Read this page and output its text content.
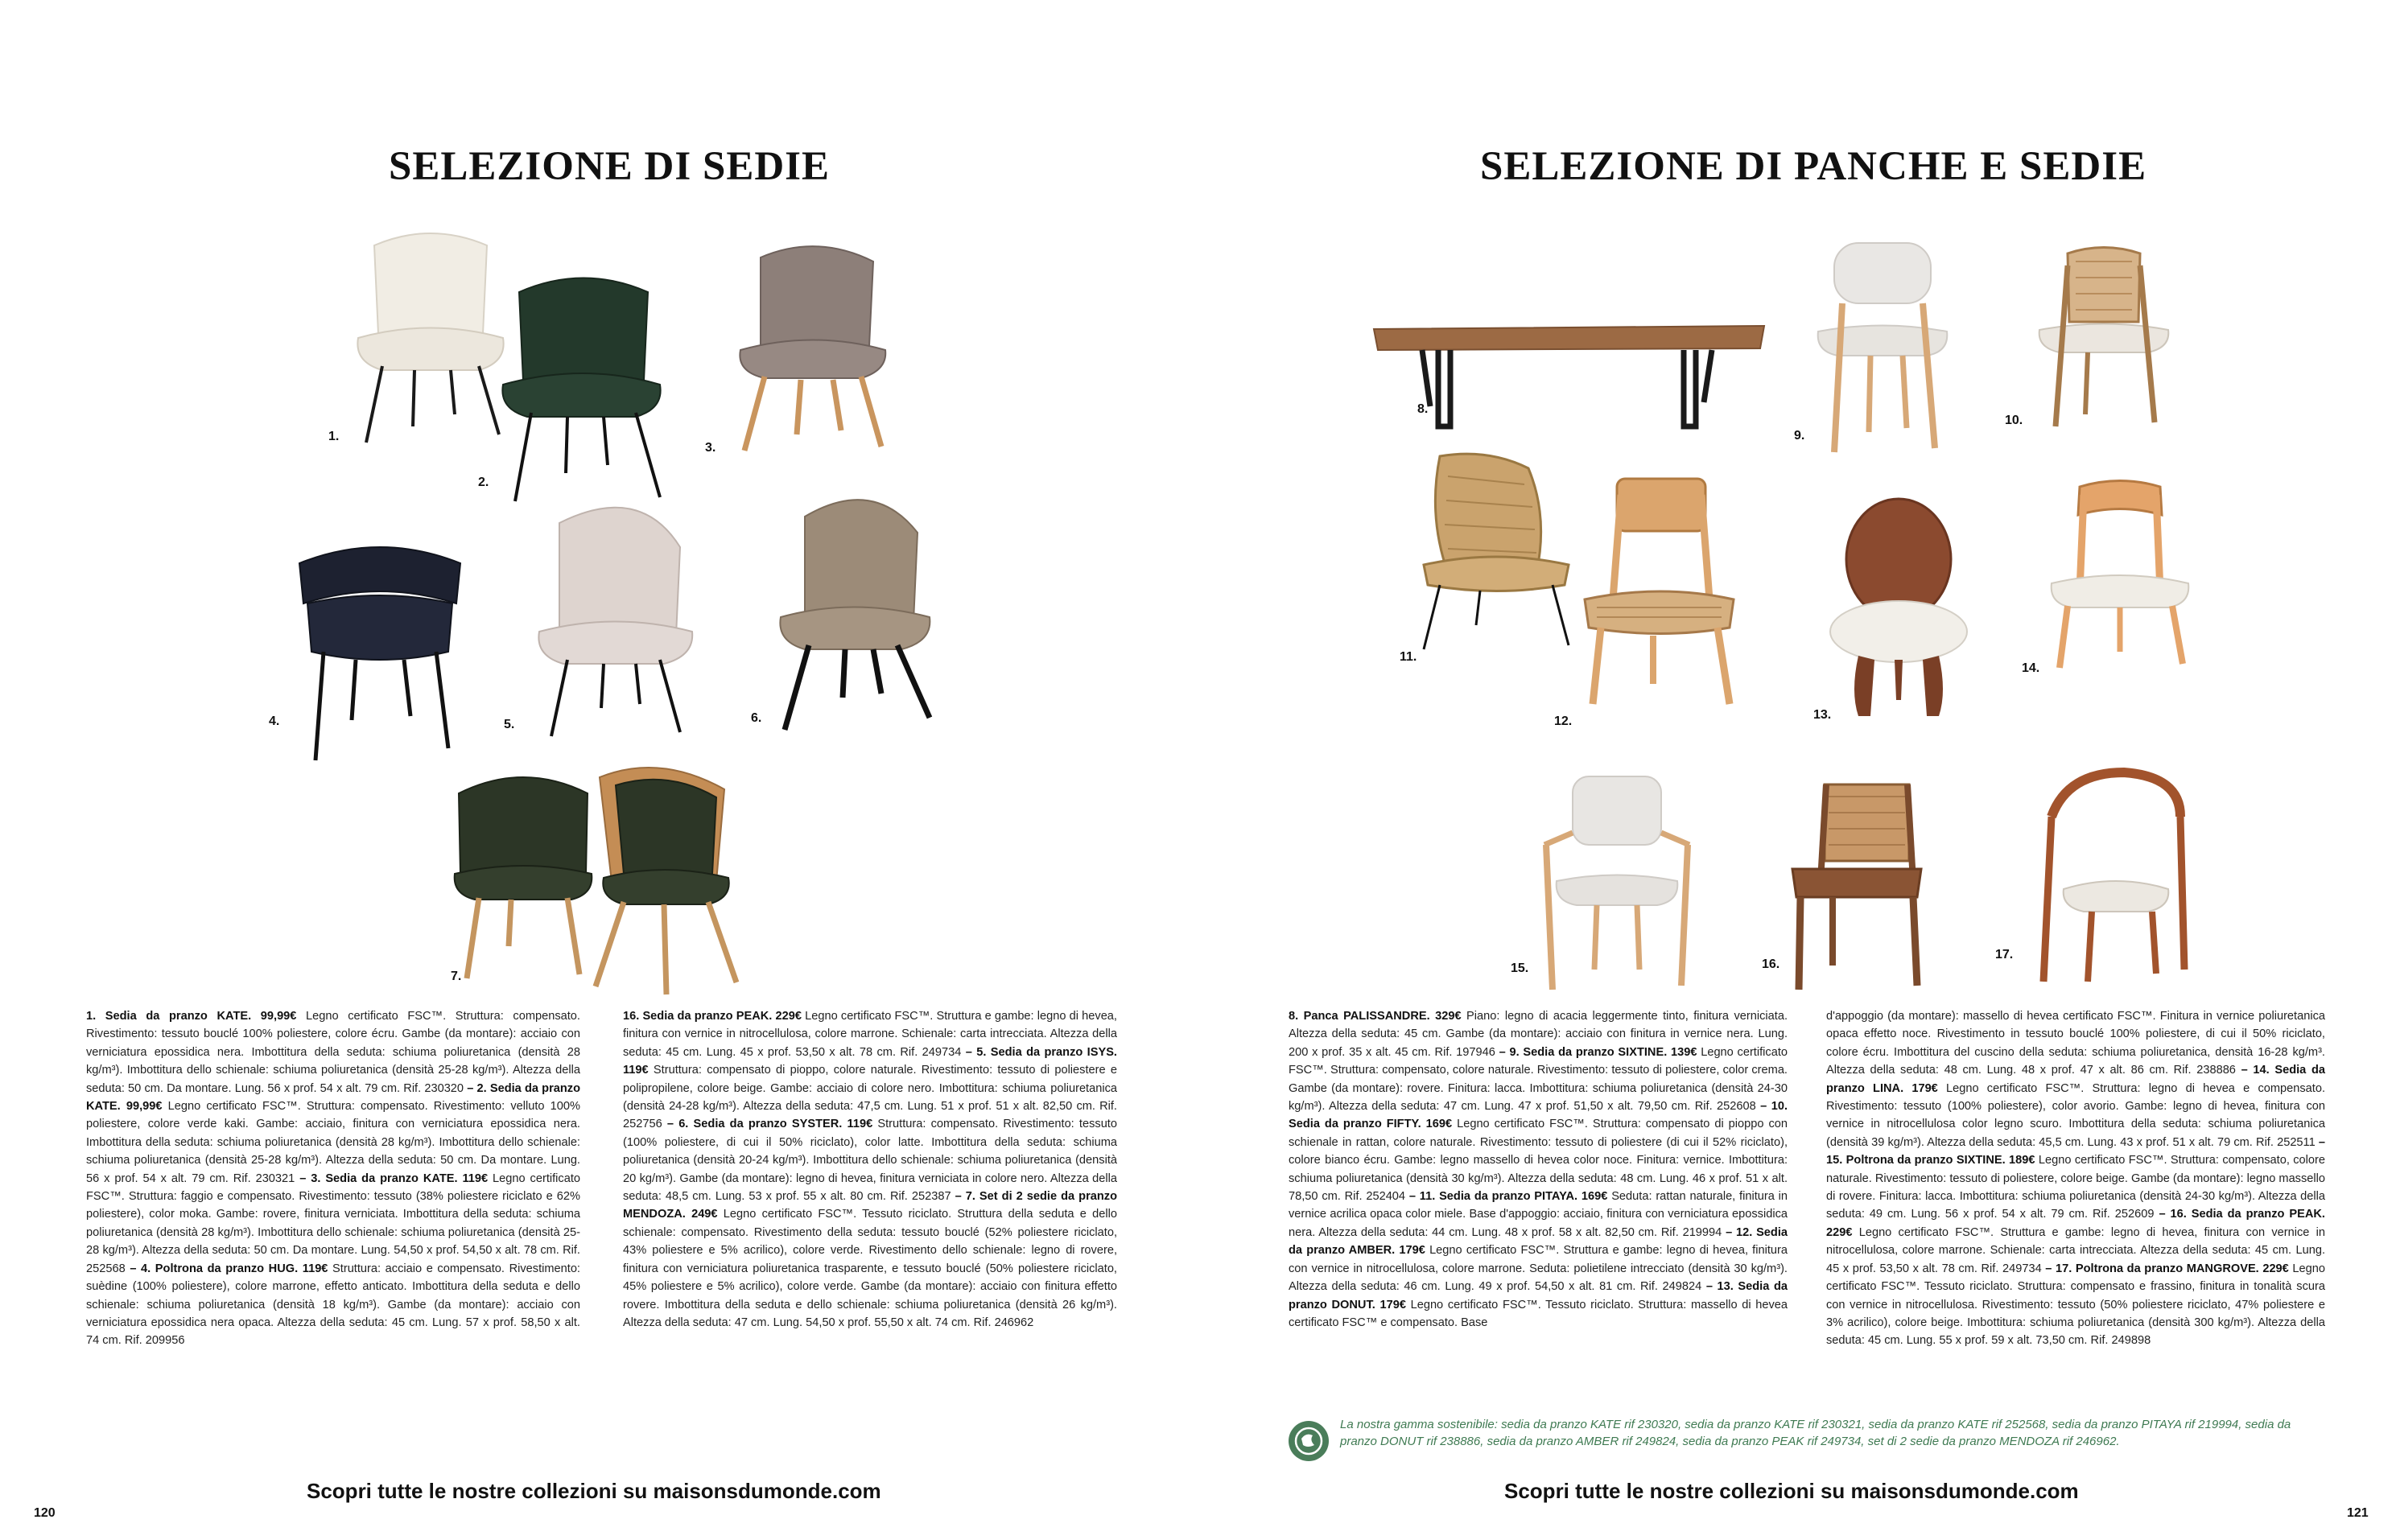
SELEZIONE DI SEDIE
1.
2.
3.
4.	5.	6.
7.
1. Sedia da pranzo KATE. 99,99€ Legno certificato FSC™. Struttura: compensato. Rivestimento: tessuto bouclé 100% poliestere, colore écru. Gambe (da montare): acciaio con verniciatura epossidica nera. Imbottitura della seduta: schiuma poliuretanica (densità 28 kg/m³). Imbottitura dello schienale: schiuma poliuretanica (densità 25-28 kg/m³). Altezza della seduta: 50 cm. Da montare. Lung. 56 x prof. 54 x alt. 79 cm. Rif. 230320 – 2. Sedia da pranzo KATE. 99,99€ Legno certificato FSC™. Struttura: compensato. Rivestimento: velluto 100% poliestere, colore verde kaki. Gambe: acciaio, finitura con verniciatura epossidica nera. Imbottitura della seduta: schiuma poliuretanica (densità 28 kg/m³). Imbottitura dello schienale: schiuma poliuretanica (densità 25-28 kg/m³). Altezza della seduta: 50 cm. Da montare. Lung. 56 x prof. 54 x alt. 79 cm. Rif. 230321 – 3. Sedia da pranzo KATE. 119€ Legno certificato FSC™. Struttura: faggio e compensato. Rivestimento: tessuto (38% poliestere riciclato e 62% poliestere), color moka. Gambe: rovere, finitura verniciata. Imbottitura della seduta: schiuma poliuretanica (densità 28 kg/m³). Imbottitura dello schienale: schiuma poliuretanica (densità 25-28 kg/m³). Altezza della seduta: 50 cm. Da montare. Lung. 54,50 x prof. 54,50 x alt. 78 cm. Rif. 252568 – 4. Poltrona da pranzo HUG. 119€ Struttura: acciaio e compensato. Rivestimento: suèdine (100% poliestere), colore marrone, effetto anticato. Imbottitura della seduta e dello schienale: schiuma poliuretanica (densità 18 kg/m³). Gambe (da montare): acciaio con verniciatura epossidica nera opaca. Altezza della seduta: 45 cm. Lung. 57 x prof. 58,50 x alt. 74 cm. Rif. 209956
16. Sedia da pranzo PEAK. 229€ Legno certificato FSC™. Struttura e gambe: legno di hevea, finitura con vernice in nitrocellulosa, colore marrone. Schienale: carta intrecciata. Altezza della seduta: 45 cm. Lung. 45 x prof. 53,50 x alt. 78 cm. Rif. 249734 – 5. Sedia da pranzo ISYS. 119€ Struttura: compensato di pioppo, colore naturale. Rivestimento: tessuto di poliestere e polipropilene, colore beige. Gambe: acciaio di colore nero. Imbottitura: schiuma poliuretanica (densità 24-28 kg/m³). Altezza della seduta: 47,5 cm. Lung. 51 x prof. 51 x alt. 82,50 cm. Rif. 252756 – 6. Sedia da pranzo SYSTER. 119€ Struttura: compensato. Rivestimento: tessuto (100% poliestere, di cui il 50% riciclato), color latte. Imbottitura della seduta: schiuma poliuretanica (densità 20-24 kg/m³). Imbottitura dello schienale: schiuma poliuretanica (densità 20 kg/m³). Gambe (da montare): legno di hevea, finitura verniciata in colore nero. Altezza della seduta: 48,5 cm. Lung. 53 x prof. 55 x alt. 80 cm. Rif. 252387 – 7. Set di 2 sedie da pranzo MENDOZA. 249€ Legno certificato FSC™. Tessuto riciclato. Struttura della seduta e dello schienale: compensato. Rivestimento della seduta: tessuto bouclé (52% poliestere riciclato, 43% poliestere e 5% acrilico), colore verde. Rivestimento dello schienale: legno di rovere, finitura con verniciatura poliuretanica trasparente, e tessuto bouclé (50% poliestere riciclato, 45% poliestere e 5% acrilico), colore verde. Gambe (da montare): acciaio con finitura effetto rovere. Imbottitura della seduta e dello schienale: schiuma poliuretanica (densità 26 kg/m³). Altezza della seduta: 47 cm. Lung. 54,50 x prof. 55,50 x alt. 74 cm. Rif. 246962
Scopri tutte le nostre collezioni su maisonsdumonde.com
120
SELEZIONE DI PANCHE E SEDIE
8.
9.
10.
11.
12.	13.
14.
15.	16.
17.
8. Panca PALISSANDRE. 329€ Piano: legno di acacia leggermente tinto, finitura verniciata. Altezza della seduta: 45 cm. Gambe (da montare): acciaio con finitura in vernice nera. Lung. 200 x prof. 35 x alt. 45 cm. Rif. 197946 – 9. Sedia da pranzo SIXTINE. 139€ Legno certificato FSC™. Struttura: compensato, colore naturale. Rivestimento: tessuto di poliestere, color crema. Gambe (da montare): rovere. Finitura: lacca. Imbottitura: schiuma poliuretanica (densità 24-30 kg/m³). Altezza della seduta: 47 cm. Lung. 47 x prof. 51,50 x alt. 79,50 cm. Rif. 252608 – 10. Sedia da pranzo FIFTY. 169€ Legno certificato FSC™. Struttura: compensato di pioppo con schienale in rattan, colore naturale. Rivestimento: tessuto di poliestere (di cui il 52% riciclato), colore bianco écru. Gambe: legno massello di hevea color noce. Finitura: vernice. Imbottitura: schiuma poliuretanica (densità 30 kg/m³). Altezza della seduta: 48 cm. Lung. 46 x prof. 51 x alt. 78,50 cm. Rif. 252404 – 11. Sedia da pranzo PITAYA. 169€ Seduta: rattan naturale, finitura in vernice acrilica opaca color miele. Base d'appoggio: acciaio, finitura con verniciatura epossidica nera. Altezza della seduta: 44 cm. Lung. 48 x prof. 58 x alt. 82,50 cm. Rif. 219994 – 12. Sedia da pranzo AMBER. 179€ Legno certificato FSC™. Struttura e gambe: legno di hevea, finitura con vernice in nitrocellulosa, colore marrone. Seduta: polietilene intrecciato (densità 30 kg/m³). Altezza della seduta: 46 cm. Lung. 49 x prof. 54,50 x alt. 81 cm. Rif. 249824 – 13. Sedia da pranzo DONUT. 179€ Legno certificato FSC™. Tessuto riciclato. Struttura: massello di hevea certificato FSC™ e compensato. Base
d'appoggio (da montare): massello di hevea certificato FSC™. Finitura in vernice poliuretanica opaca effetto noce. Rivestimento in tessuto bouclé 100% poliestere, di cui il 50% riciclato, colore écru. Imbottitura del cuscino della seduta: schiuma poliuretanica, densità 16-28 kg/m³. Altezza della seduta: 48 cm. Lung. 48 x prof. 47 x alt. 86 cm. Rif. 238886 – 14. Sedia da pranzo LINA. 179€ Legno certificato FSC™. Struttura: legno di hevea e compensato. Rivestimento: tessuto (100% poliestere), color avorio. Gambe: legno di hevea, finitura con vernice in nitrocellulosa color legno scuro. Imbottitura della seduta: schiuma poliuretanica (densità 39 kg/m³). Altezza della seduta: 45,5 cm. Lung. 43 x prof. 51 x alt. 79 cm. Rif. 252511 – 15. Poltrona da pranzo SIXTINE. 189€ Legno certificato FSC™. Struttura: compensato, colore naturale. Rivestimento: tessuto di poliestere, colore beige. Gambe (da montare): legno massello di rovere. Finitura: lacca. Imbottitura: schiuma poliuretanica (densità 24-30 kg/m³). Altezza della seduta: 49 cm. Lung. 56 x prof. 54 x alt. 79 cm. Rif. 252609 – 16. Sedia da pranzo PEAK. 229€ Legno certificato FSC™. Struttura e gambe: legno di hevea, finitura con vernice in nitrocellulosa, colore marrone. Schienale: carta intrecciata. Altezza della seduta: 45 cm. Lung. 45 x prof. 53,50 x alt. 78 cm. Rif. 249734 – 17. Poltrona da pranzo MANGROVE. 229€ Legno certificato FSC™. Tessuto riciclato. Struttura: compensato e frassino, finitura in tonalità scura con vernice in nitrocellulosa. Rivestimento: tessuto (50% poliestere riciclato, 47% poliestere e 3% acrilico), colore beige. Imbottitura: schiuma poliuretanica (densità 300 kg/m³). Altezza della seduta: 45 cm. Lung. 55 x prof. 59 x alt. 73,50 cm. Rif. 249898
La nostra gamma sostenibile: sedia da pranzo KATE rif 230320, sedia da pranzo KATE rif 230321, sedia da pranzo KATE rif 252568, sedia da pranzo PITAYA rif 219994, sedia da pranzo DONUT rif 238886, sedia da pranzo AMBER rif 249824, sedia da pranzo PEAK rif 249734, set di 2 sedie da pranzo MENDOZA rif 246962.
Scopri tutte le nostre collezioni su maisonsdumonde.com
121
